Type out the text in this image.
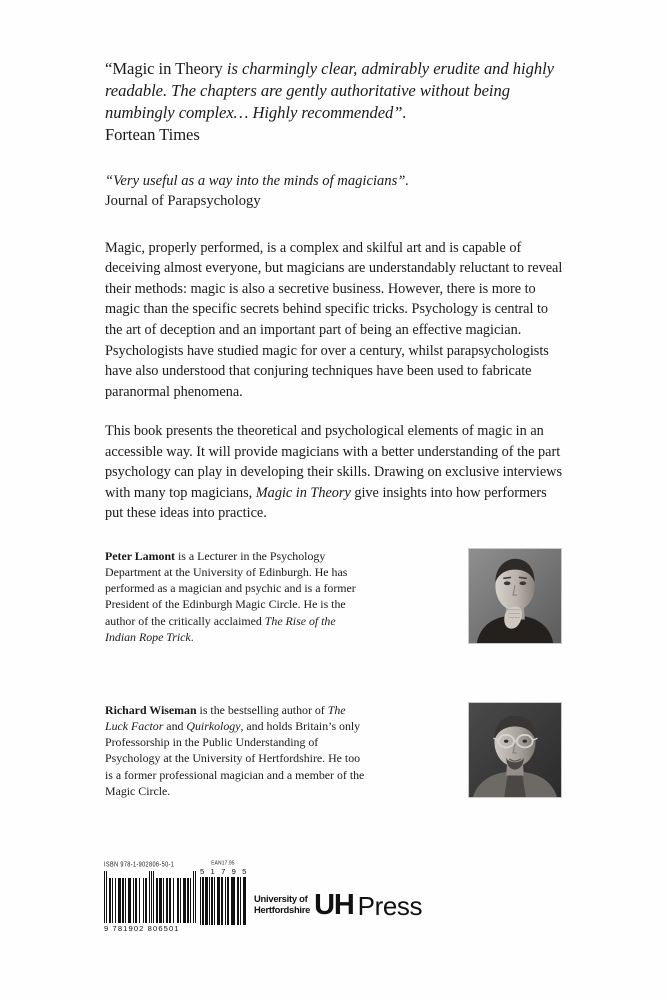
“Magic in Theory is charmingly clear, admirably erudite and highly readable. The chapters are gently authoritative without being numbingly complex… Highly recommended”.
Fortean Times
“Very useful as a way into the minds of magicians”.
Journal of Parapsychology

Magic, properly performed, is a complex and skilful art and is capable of deceiving almost everyone, but magicians are understandably reluctant to reveal their methods: magic is also a secretive business. However, there is more to magic than the specific secrets behind specific tricks. Psychology is central to the art of deception and an important part of being an effective magician. Psychologists have studied magic for over a century, whilst parapsychologists have also understood that conjuring techniques have been used to fabricate paranormal phenomena.

This book presents the theoretical and psychological elements of magic in an accessible way. It will provide magicians with a better understanding of the part psychology can play in developing their skills. Drawing on exclusive interviews with many top magicians, Magic in Theory give insights into how performers put these ideas into practice.

Peter Lamont is a Lecturer in the Psychology Department at the University of Edinburgh. He has performed as a magician and psychic and is a former President of the Edinburgh Magic Circle. He is the author of the critically acclaimed The Rise of the Indian Rope Trick.
Richard Wiseman is the bestselling author of The Luck Factor and Quirkology, and holds Britain’s only Professorship in the Public Understanding of Psychology at the University of Hertfordshire. He too is a former professional magician and a member of the Magic Circle.
ISBN 978-1-902806-50-1
9 781902 806501
EAN17.95
5 1 7 9 5
University of
Hertfordshire UH Press
